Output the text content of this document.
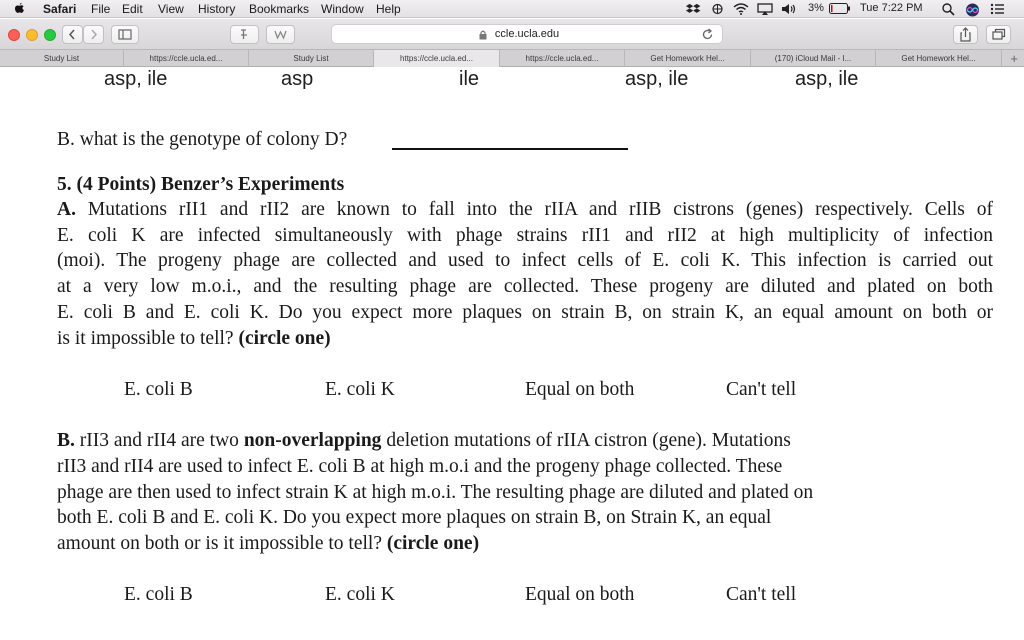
Safari File Edit View History Bookmarks Window Help	3%	Tue 7:22 PM
ccle.ucla.edu
Study List	https://ccle.ucla.ed...	Study List	https://ccle.ucla.ed...	https://ccle.ucla.ed...	Get Homework Hel...	(170) iCloud Mail - I...	Get Homework Hel...	+
asp, ile	asp	ile	asp, ile	asp, ile
B. what is the genotype of colony D?
5. (4 Points) Benzer’s Experiments
A. Mutations rII1 and rII2 are known to fall into the rIIA and rIIB cistrons (genes) respectively. Cells of
E. coli K are infected simultaneously with phage strains rII1 and rII2 at high multiplicity of infection
(moi). The progeny phage are collected and used to infect cells of E. coli K. This infection is carried out
at a very low m.o.i., and the resulting phage are collected. These progeny are diluted and plated on both
E. coli B and E. coli K. Do you expect more plaques on strain B, on strain K, an equal amount on both or
is it impossible to tell? (circle one)
E. coli B	E. coli K	Equal on both	Can't tell
B. rII3 and rII4 are two non-overlapping deletion mutations of rIIA cistron (gene). Mutations
rII3 and rII4 are used to infect E. coli B at high m.o.i and the progeny phage collected. These
phage are then used to infect strain K at high m.o.i. The resulting phage are diluted and plated on
both E. coli B and E. coli K. Do you expect more plaques on strain B, on Strain K, an equal
amount on both or is it impossible to tell? (circle one)
E. coli B	E. coli K	Equal on both	Can't tell
